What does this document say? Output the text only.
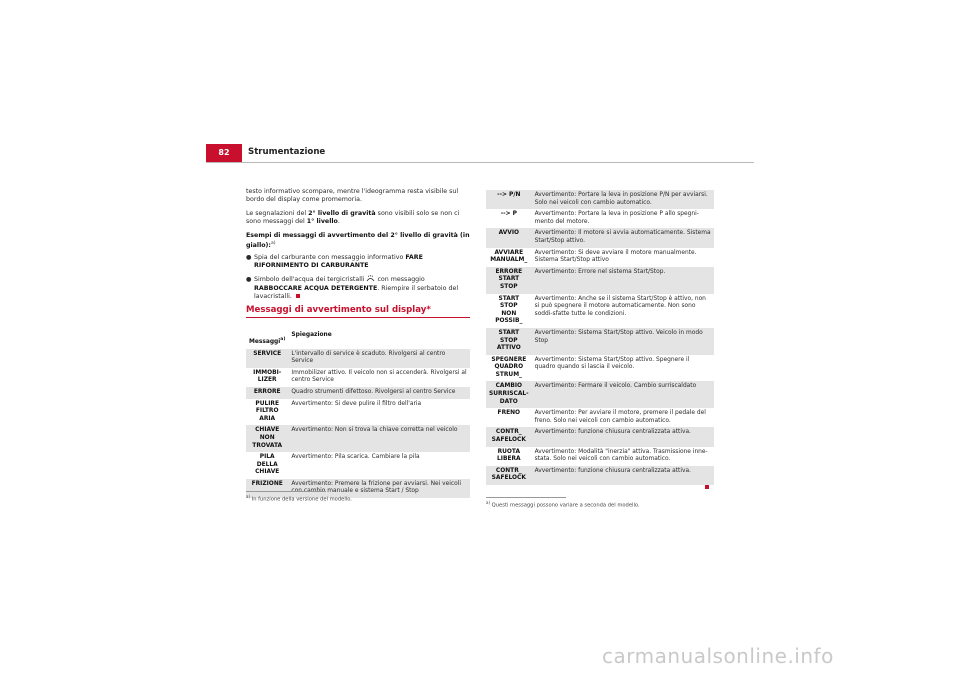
82	Strumentazione

testo informativo scompare, mentre l'ideogramma resta visibile sul bordo del display come promemoria.

Le segnalazioni del 2° livello di gravità sono visibili solo se non ci sono messaggi del 1° livello.

Esempi di messaggi di avvertimento del 2° livello di gravità (in giallo):$^{a)}$

● Spia del carburante con messaggio informativo FARE RIFORNIMENTO DI CARBURANTE

● Simbolo dell'acqua dei tergicristalli  con messaggio RABBOCCARE ACQUA DETERGENTE. Riempire il serbatoio del lavacristalli.

Messaggi di avvertimento sul display*
Messaggi$^{a)}$	Spiegazione
SERVICE	L'intervallo di service è scaduto. Rivolgersi al centro Service
IMMOBI-
LIZER	Immobilizer attivo. Il veicolo non si accenderà. Rivolgersi al centro Service
ERRORE	Quadro strumenti difettoso. Rivolgersi al centro Service
PULIRE
FILTRO ARIA	Avvertimento: Si deve pulire il filtro dell'aria
CHIAVE NON
TROVATA	Avvertimento: Non si trova la chiave corretta nel veicolo
PILA DELLA
CHIAVE	Avvertimento: Pila scarica. Cambiare la pila
FRIZIONE	Avvertimento: Premere la frizione per avviarsi. Nei veicoli con cambio manuale e sistema Start / Stop
$^{a)}$ In funzione della versione del modello.
--> P/N	Avvertimento: Portare la leva in posizione P/N per avviarsi. Solo nei veicoli con cambio automatico.
--> P	Avvertimento: Portare la leva in posizione P allo spegni-mento del motore.
AVVIO	Avvertimento: Il motore si avvia automaticamente. Sistema Start/Stop attivo.
AVVIARE
MANUALM_	Avvertimento: Si deve avviare il motore manualmente. Sistema Start/Stop attivo
ERRORE
START STOP	Avvertimento: Errore nel sistema Start/Stop.
START STOP
NON
POSSIB_	Avvertimento: Anche se il sistema Start/Stop è attivo, non si può spegnere il motore automaticamente. Non sono soddi-sfatte tutte le condizioni.
START STOP
ATTIVO	Avvertimento: Sistema Start/Stop attivo. Veicolo in modo Stop
SPEGNERE
QUADRO
STRUM_	Avvertimento: Sistema Start/Stop attivo. Spegnere il quadro quando si lascia il veicolo.
CAMBIO
SURRISCAL-
DATO	Avvertimento: Fermare il veicolo. Cambio surriscaldato
FRENO	Avvertimento: Per avviare il motore, premere il pedale del freno. Solo nei veicoli con cambio automatico.
CONTR_
SAFELOCK	Avvertimento: funzione chiusura centralizzata attiva.
RUOTA
LIBERA	Avvertimento: Modalità "inerzia" attiva. Trasmissione inne-stata. Solo nei veicoli con cambio automatico.
CONTR_
SAFELOCK	Avvertimento: funzione chiusura centralizzata attiva.
$^{a)}$ Questi messaggi possono variare a seconda del modello.
carmanualsonline.info
